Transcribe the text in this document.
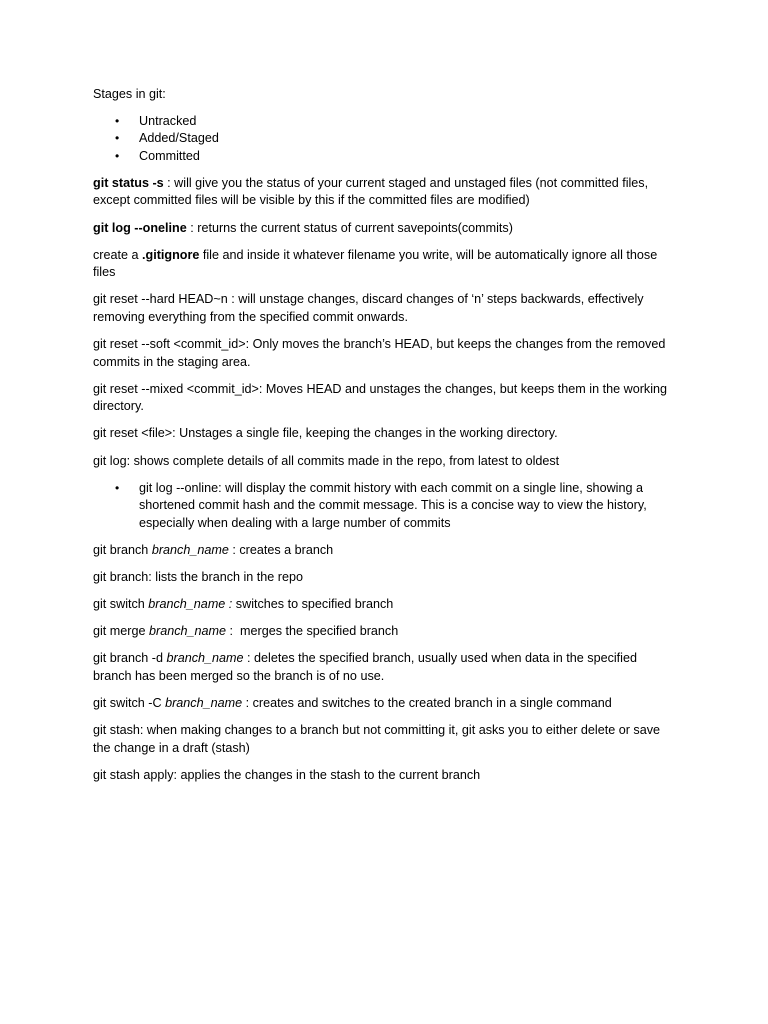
Stages in git:

• Untracked
• Added/Staged
• Committed

git status -s : will give you the status of your current staged and unstaged files (not committed files, except committed files will be visible by this if the committed files are modified)

git log --oneline : returns the current status of current savepoints(commits)

create a .gitignore file and inside it whatever filename you write, will be automatically ignore all those files

git reset --hard HEAD~n : will unstage changes, discard changes of ‘n’ steps backwards, effectively removing everything from the specified commit onwards.

git reset --soft <commit_id>: Only moves the branch’s HEAD, but keeps the changes from the removed commits in the staging area.

git reset --mixed <commit_id>: Moves HEAD and unstages the changes, but keeps them in the working directory.

git reset <file>: Unstages a single file, keeping the changes in the working directory.

git log: shows complete details of all commits made in the repo, from latest to oldest

• git log --online: will display the commit history with each commit on a single line, showing a shortened commit hash and the commit message. This is a concise way to view the history, especially when dealing with a large number of commits

git branch branch_name : creates a branch

git branch: lists the branch in the repo

git switch branch_name : switches to specified branch

git merge branch_name :  merges the specified branch

git branch -d branch_name : deletes the specified branch, usually used when data in the specified branch has been merged so the branch is of no use.

git switch -C branch_name : creates and switches to the created branch in a single command

git stash: when making changes to a branch but not committing it, git asks you to either delete or save the change in a draft (stash)

git stash apply: applies the changes in the stash to the current branch
